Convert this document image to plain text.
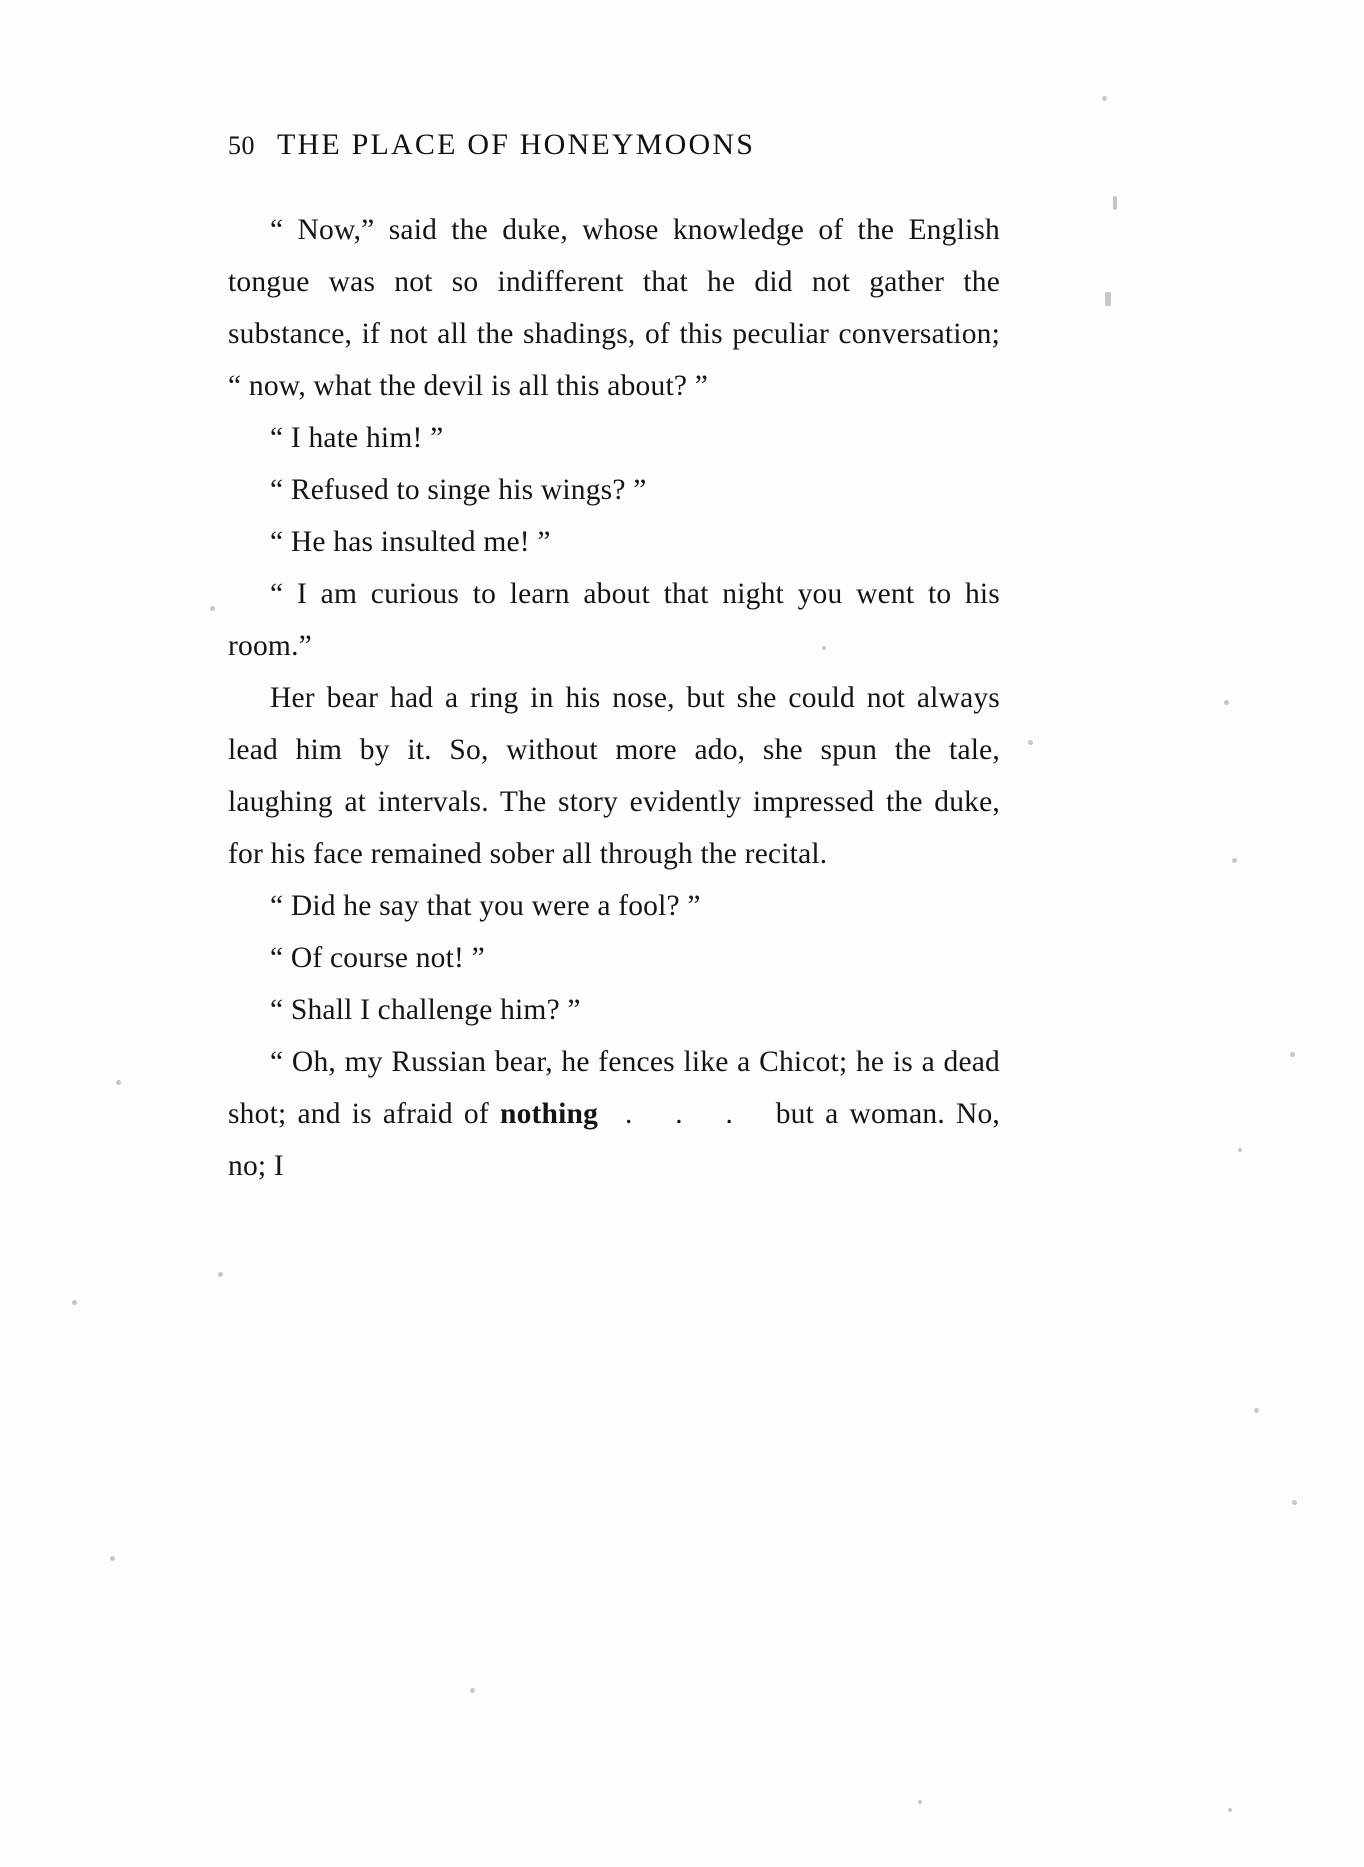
50 THE PLACE OF HONEYMOONS

“ Now,” said the duke, whose knowledge of the English tongue was not so indifferent that he did not gather the substance, if not all the shadings, of this peculiar conversation; “ now, what the devil is all this about? ”

“ I hate him! ”

“ Refused to singe his wings? ”

“ He has insulted me! ”

“ I am curious to learn about that night you went to his room.”

Her bear had a ring in his nose, but she could not always lead him by it. So, without more ado, she spun the tale, laughing at intervals. The story evidently impressed the duke, for his face remained sober all through the recital.

“ Did he say that you were a fool? ”

“ Of course not! ”

“ Shall I challenge him? ”

“ Oh, my Russian bear, he fences like a Chicot; he is a dead shot; and is afraid of nothing . . . but a woman. No, no; I
